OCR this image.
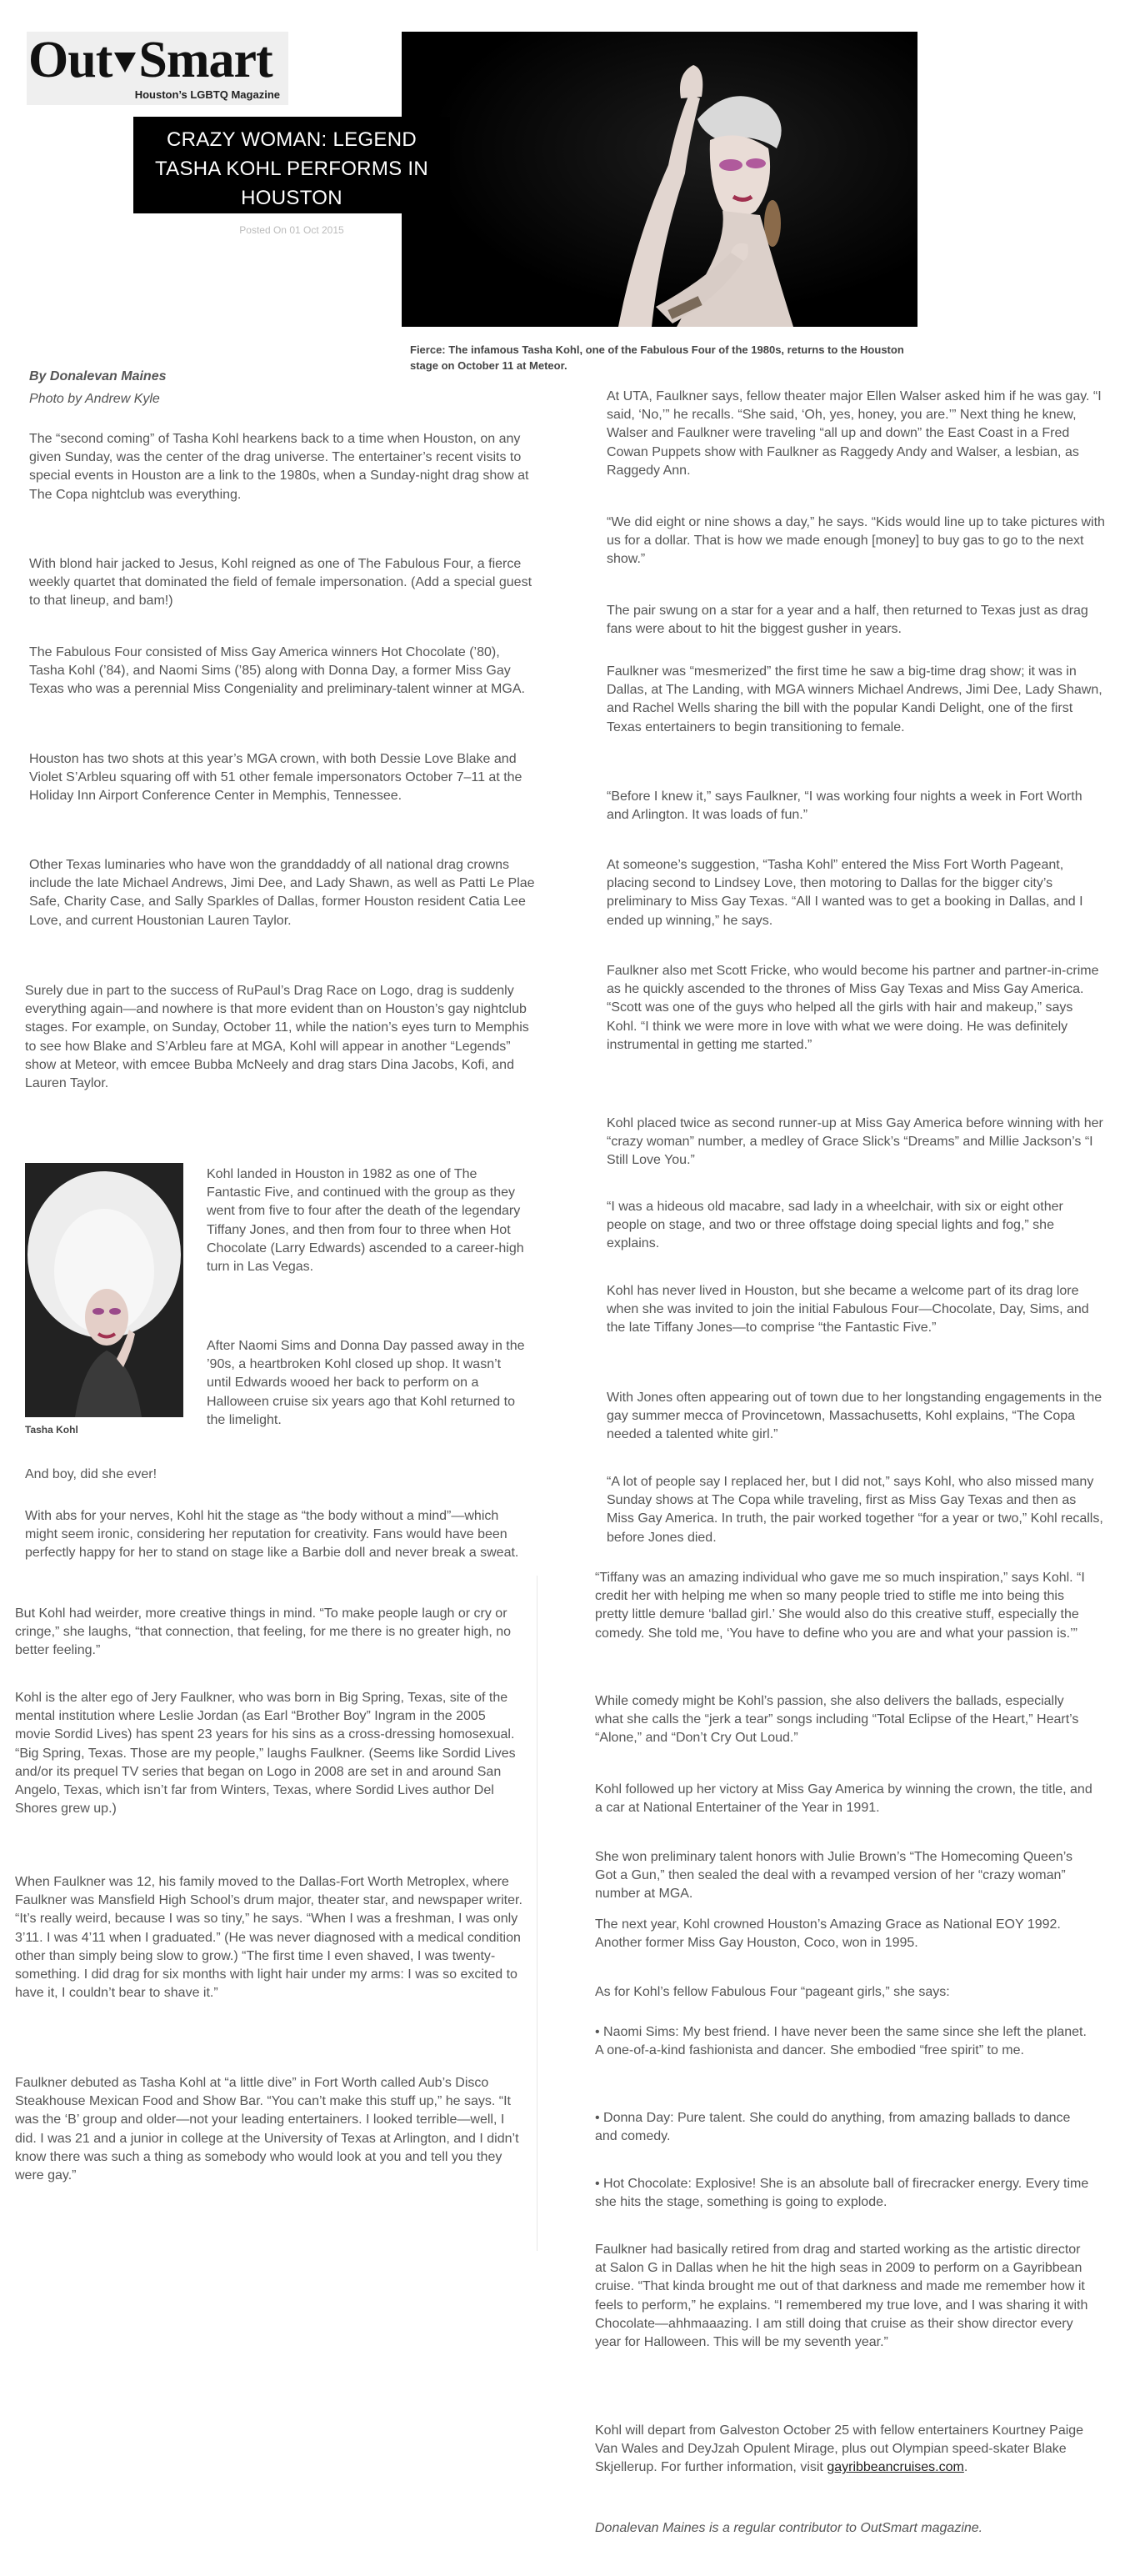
Out Smart
Houston’s LGBTQ Magazine
Fierce: The infamous Tasha Kohl, one of the Fabulous Four of the 1980s, returns to the Houston stage on October 11 at Meteor.
CRAZY WOMAN: LEGEND TASHA KOHL PERFORMS IN HOUSTON
Posted On 01 Oct 2015
By Donalevan Maines
Photo by Andrew Kyle

The “second coming” of Tasha Kohl hearkens back to a time when Houston, on any given Sunday, was the center of the drag universe. The entertainer’s recent visits to special events in Houston are a link to the 1980s, when a Sunday-night drag show at The Copa nightclub was everything.

With blond hair jacked to Jesus, Kohl reigned as one of The Fabulous Four, a fierce weekly quartet that dominated the field of female impersonation. (Add a special guest to that lineup, and bam!)

The Fabulous Four consisted of Miss Gay America winners Hot Chocolate (’80), Tasha Kohl (’84), and Naomi Sims (’85) along with Donna Day, a former Miss Gay Texas who was a perennial Miss Congeniality and preliminary-talent winner at MGA.

Houston has two shots at this year’s MGA crown, with both Dessie Love Blake and Violet S’Arbleu squaring off with 51 other female impersonators October 7–11 at the Holiday Inn Airport Conference Center in Memphis, Tennessee.

Other Texas luminaries who have won the granddaddy of all national drag crowns include the late Michael Andrews, Jimi Dee, and Lady Shawn, as well as Patti Le Plae Safe, Charity Case, and Sally Sparkles of Dallas, former Houston resident Catia Lee Love, and current Houstonian Lauren Taylor.

Surely due in part to the success of RuPaul’s Drag Race on Logo, drag is suddenly everything again—and nowhere is that more evident than on Houston’s gay nightclub stages. For example, on Sunday, October 11, while the nation’s eyes turn to Memphis to see how Blake and S’Arbleu fare at MGA, Kohl will appear in another “Legends” show at Meteor, with emcee Bubba McNeely and drag stars Dina Jacobs, Kofi, and Lauren Taylor.

Tasha Kohl

Kohl landed in Houston in 1982 as one of The Fantastic Five, and continued with the group as they went from five to four after the death of the legendary Tiffany Jones, and then from four to three when Hot Chocolate (Larry Edwards) ascended to a career-high turn in Las Vegas.

After Naomi Sims and Donna Day passed away in the ’90s, a heartbroken Kohl closed up shop. It wasn’t until Edwards wooed her back to perform on a Halloween cruise six years ago that Kohl returned to the limelight.

And boy, did she ever!

With abs for your nerves, Kohl hit the stage as “the body without a mind”—which might seem ironic, considering her reputation for creativity. Fans would have been perfectly happy for her to stand on stage like a Barbie doll and never break a sweat.

But Kohl had weirder, more creative things in mind. “To make people laugh or cry or cringe,” she laughs, “that connection, that feeling, for me there is no greater high, no better feeling.”

Kohl is the alter ego of Jery Faulkner, who was born in Big Spring, Texas, site of the mental institution where Leslie Jordan (as Earl “Brother Boy” Ingram in the 2005 movie Sordid Lives) has spent 23 years for his sins as a cross-dressing homosexual. “Big Spring, Texas. Those are my people,” laughs Faulkner. (Seems like Sordid Lives and/or its prequel TV series that began on Logo in 2008 are set in and around San Angelo, Texas, which isn’t far from Winters, Texas, where Sordid Lives author Del Shores grew up.)

When Faulkner was 12, his family moved to the Dallas-Fort Worth Metroplex, where Faulkner was Mansfield High School’s drum major, theater star, and newspaper writer. “It’s really weird, because I was so tiny,” he says. “When I was a freshman, I was only 3’11. I was 4’11 when I graduated.” (He was never diagnosed with a medical condition other than simply being slow to grow.) “The first time I even shaved, I was twenty-something. I did drag for six months with light hair under my arms: I was so excited to have it, I couldn’t bear to shave it.”

Faulkner debuted as Tasha Kohl at “a little dive” in Fort Worth called Aub’s Disco Steakhouse Mexican Food and Show Bar. “You can’t make this stuff up,” he says. “It was the ‘B’ group and older—not your leading entertainers. I looked terrible—well, I did. I was 21 and a junior in college at the University of Texas at Arlington, and I didn’t know there was such a thing as somebody who would look at you and tell you they were gay.”

At UTA, Faulkner says, fellow theater major Ellen Walser asked him if he was gay. “I said, ‘No,’” he recalls. “She said, ‘Oh, yes, honey, you are.’” Next thing he knew, Walser and Faulkner were traveling “all up and down” the East Coast in a Fred Cowan Puppets show with Faulkner as Raggedy Andy and Walser, a lesbian, as Raggedy Ann.

“We did eight or nine shows a day,” he says. “Kids would line up to take pictures with us for a dollar. That is how we made enough [money] to buy gas to go to the next show.”

The pair swung on a star for a year and a half, then returned to Texas just as drag fans were about to hit the biggest gusher in years.

Faulkner was “mesmerized” the first time he saw a big-time drag show; it was in Dallas, at The Landing, with MGA winners Michael Andrews, Jimi Dee, Lady Shawn, and Rachel Wells sharing the bill with the popular Kandi Delight, one of the first Texas entertainers to begin transitioning to female.

“Before I knew it,” says Faulkner, “I was working four nights a week in Fort Worth and Arlington. It was loads of fun.”

At someone’s suggestion, “Tasha Kohl” entered the Miss Fort Worth Pageant, placing second to Lindsey Love, then motoring to Dallas for the bigger city’s preliminary to Miss Gay Texas. “All I wanted was to get a booking in Dallas, and I ended up winning,” he says.

Faulkner also met Scott Fricke, who would become his partner and partner-in-crime as he quickly ascended to the thrones of Miss Gay Texas and Miss Gay America. “Scott was one of the guys who helped all the girls with hair and makeup,” says Kohl. “I think we were more in love with what we were doing. He was definitely instrumental in getting me started.”

Kohl placed twice as second runner-up at Miss Gay America before winning with her “crazy woman” number, a medley of Grace Slick’s “Dreams” and Millie Jackson’s “I Still Love You.”

“I was a hideous old macabre, sad lady in a wheelchair, with six or eight other people on stage, and two or three offstage doing special lights and fog,” she explains.

Kohl has never lived in Houston, but she became a welcome part of its drag lore when she was invited to join the initial Fabulous Four—Chocolate, Day, Sims, and the late Tiffany Jones—to comprise “the Fantastic Five.”

With Jones often appearing out of town due to her longstanding engagements in the gay summer mecca of Provincetown, Massachusetts, Kohl explains, “The Copa needed a talented white girl.”

“A lot of people say I replaced her, but I did not,” says Kohl, who also missed many Sunday shows at The Copa while traveling, first as Miss Gay Texas and then as Miss Gay America. In truth, the pair worked together “for a year or two,” Kohl recalls, before Jones died.

“Tiffany was an amazing individual who gave me so much inspiration,” says Kohl. “I credit her with helping me when so many people tried to stifle me into being this pretty little demure ‘ballad girl.’ She would also do this creative stuff, especially the comedy. She told me, ‘You have to define who you are and what your passion is.’”

While comedy might be Kohl’s passion, she also delivers the ballads, especially what she calls the “jerk a tear” songs including “Total Eclipse of the Heart,” Heart’s “Alone,” and “Don’t Cry Out Loud.”

Kohl followed up her victory at Miss Gay America by winning the crown, the title, and a car at National Entertainer of the Year in 1991.

She won preliminary talent honors with Julie Brown’s “The Homecoming Queen’s Got a Gun,” then sealed the deal with a revamped version of her “crazy woman” number at MGA.

The next year, Kohl crowned Houston’s Amazing Grace as National EOY 1992. Another former Miss Gay Houston, Coco, won in 1995.

As for Kohl’s fellow Fabulous Four “pageant girls,” she says:

• Naomi Sims: My best friend. I have never been the same since she left the planet. A one-of-a-kind fashionista and dancer. She embodied “free spirit” to me.

• Donna Day: Pure talent. She could do anything, from amazing ballads to dance and comedy.

• Hot Chocolate: Explosive! She is an absolute ball of firecracker energy. Every time she hits the stage, something is going to explode.

Faulkner had basically retired from drag and started working as the artistic director at Salon G in Dallas when he hit the high seas in 2009 to perform on a Gayribbean cruise. “That kinda brought me out of that darkness and made me remember how it feels to perform,” he explains. “I remembered my true love, and I was sharing it with Chocolate—ahhmaaazing. I am still doing that cruise as their show director every year for Halloween. This will be my seventh year.”

Kohl will depart from Galveston October 25 with fellow entertainers Kourtney Paige Van Wales and DeyJzah Opulent Mirage, plus out Olympian speed-skater Blake Skjellerup. For further information, visit gayribbeancruises.com.

Donalevan Maines is a regular contributor to OutSmart magazine.
